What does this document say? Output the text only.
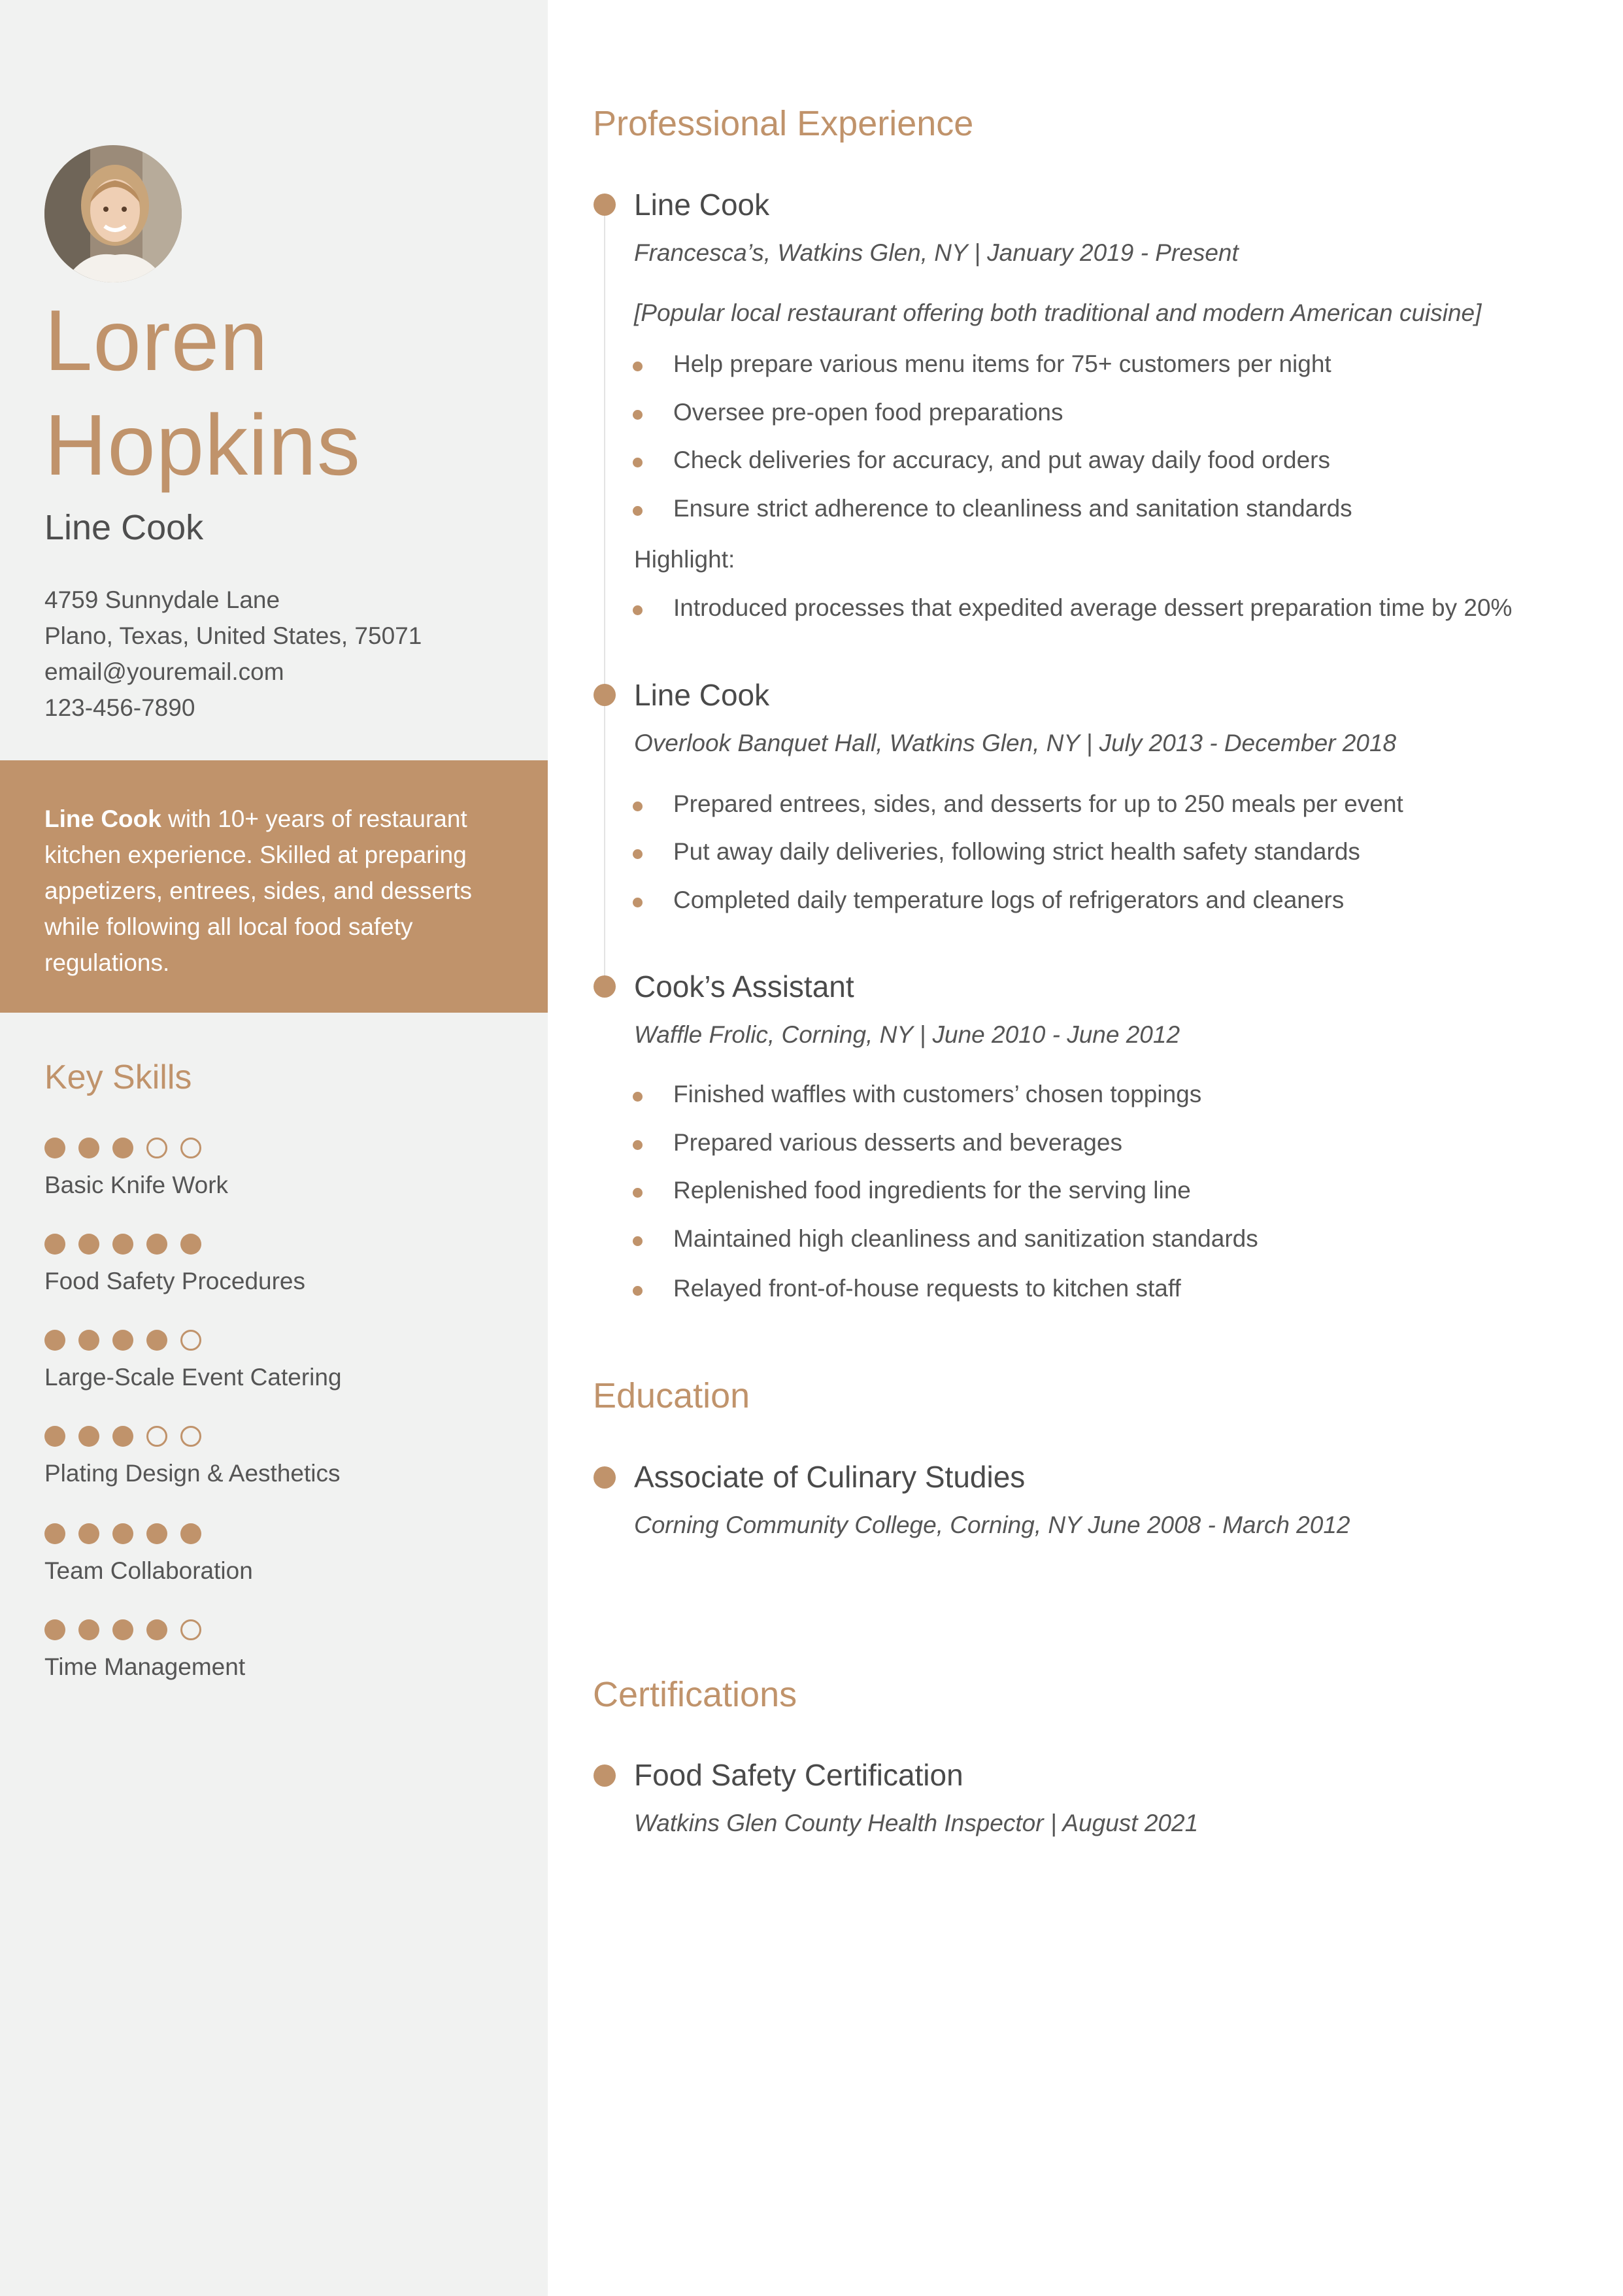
Loren
Hopkins
Line Cook
4759 Sunnydale Lane
Plano, Texas, United States, 75071
email@youremail.com
123-456-7890

Line Cook with 10+ years of restaurant kitchen experience. Skilled at preparing appetizers, entrees, sides, and desserts while following all local food safety regulations.

Key Skills
Basic Knife Work
Food Safety Procedures
Large-Scale Event Catering
Plating Design & Aesthetics
Team Collaboration
Time Management
Professional Experience
Line Cook
Francesca’s, Watkins Glen, NY | January 2019 - Present
[Popular local restaurant offering both traditional and modern American cuisine]
Help prepare various menu items for 75+ customers per night
Oversee pre-open food preparations
Check deliveries for accuracy, and put away daily food orders
Ensure strict adherence to cleanliness and sanitation standards
Highlight:
Introduced processes that expedited average dessert preparation time by 20%
Line Cook
Overlook Banquet Hall, Watkins Glen, NY | July 2013 - December 2018
Prepared entrees, sides, and desserts for up to 250 meals per event
Put away daily deliveries, following strict health safety standards
Completed daily temperature logs of refrigerators and cleaners
Cook’s Assistant
Waffle Frolic, Corning, NY | June 2010 - June 2012
Finished waffles with customers’ chosen toppings
Prepared various desserts and beverages
Replenished food ingredients for the serving line
Maintained high cleanliness and sanitization standards
Relayed front-of-house requests to kitchen staff
Education
Associate of Culinary Studies
Corning Community College, Corning, NY June 2008 - March 2012
Certifications
Food Safety Certification
Watkins Glen County Health Inspector | August 2021
